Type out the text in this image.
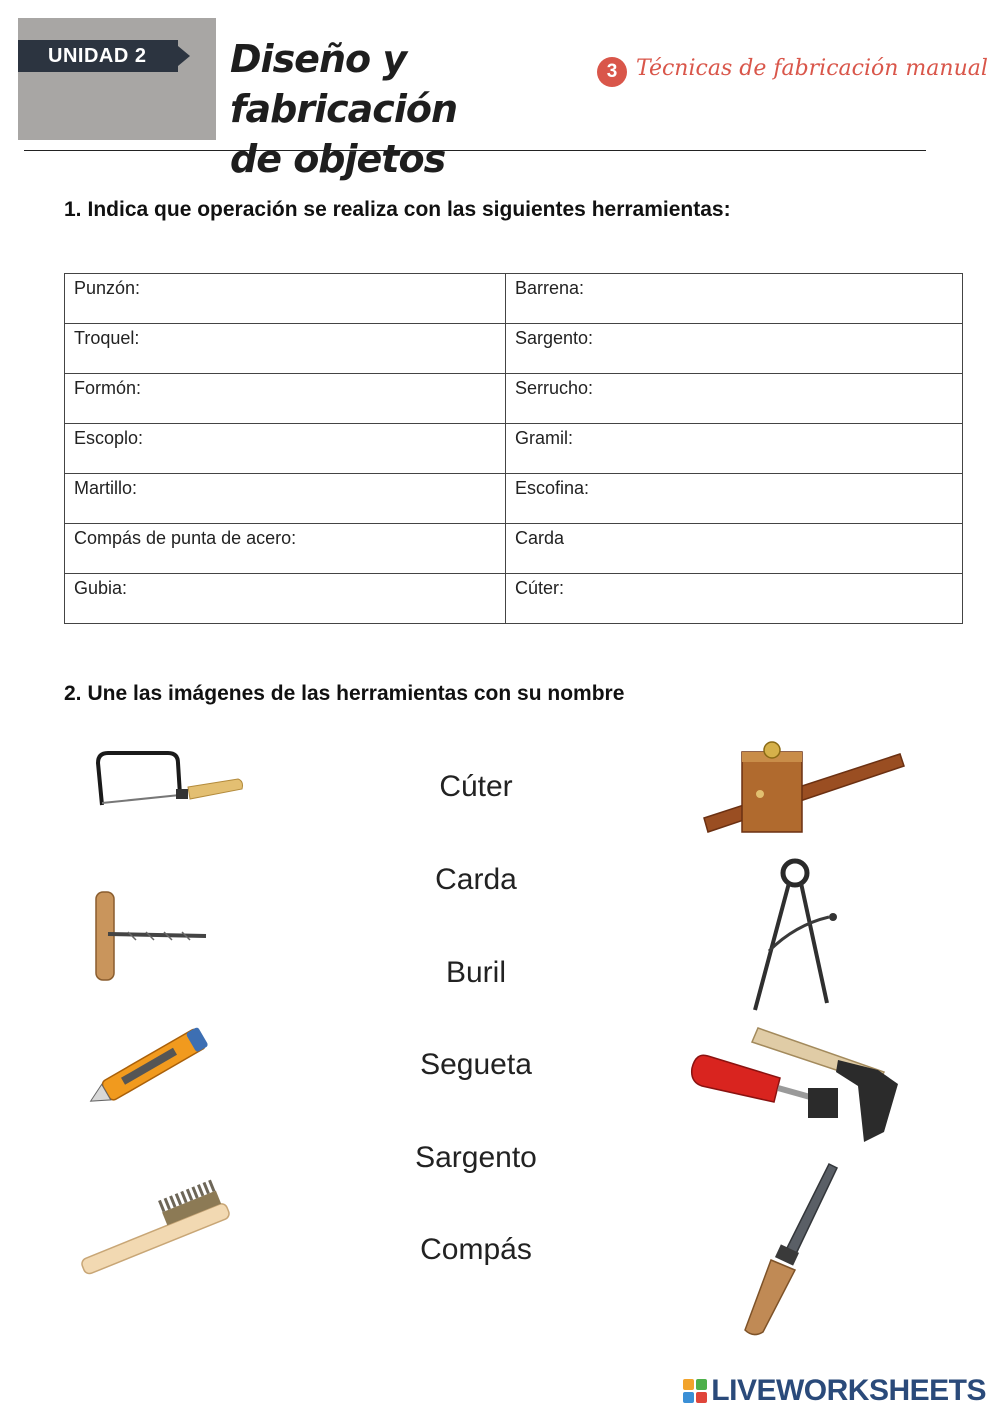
UNIDAD 2	Diseño y fabricación
de objetos
3 Técnicas de fabricación manual
1. Indica que operación se realiza con las siguientes herramientas:
Punzón:	Barrena:
Troquel:	Sargento:
Formón:	Serrucho:
Escoplo:	Gramil:
Martillo:	Escofina:
Compás de punta de acero:	Carda
Gubia:	Cúter:
2. Une las imágenes de las herramientas con su nombre
Cúter
Carda
Buril
Segueta
Sargento
Compás
LIVEWORKSHEETS
